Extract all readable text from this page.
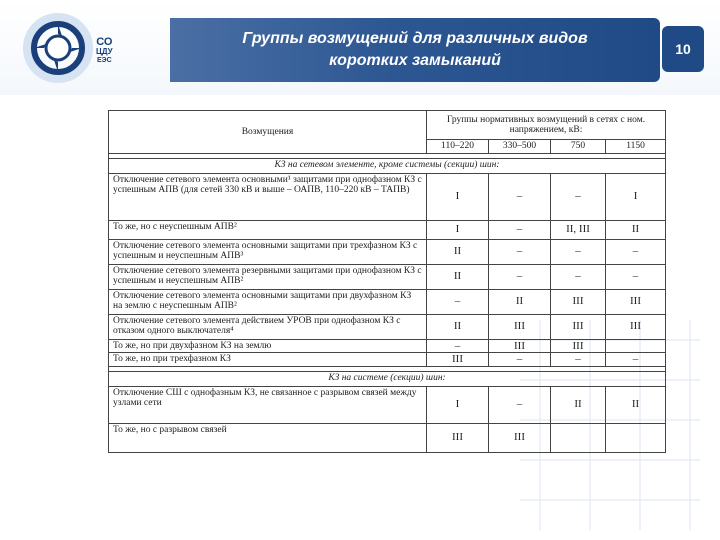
СО
ЦДУ
ЕЭС
Группы возмущений для различных видов коротких замыканий
10
Возмущения	Группы нормативных возмущений в сетях с ном. напряжением, кВ:			
	110–220	330–500	750	1150

КЗ на сетевом элементе, кроме системы (секции) шин:				
Отключение сетевого элемента основными¹ защитами при однофазном КЗ с успешным АПВ (для сетей 330 кВ и выше – ОАПВ, 110–220 кВ – ТАПВ)	I	–	–	I
То же, но с неуспешным АПВ²	I	–	II, III	II
Отключение сетевого элемента основными защитами при трехфазном КЗ с успешным и неуспешным АПВ³	II	–	–	–
Отключение сетевого элемента резервными защитами при однофазном КЗ с успешным и неуспешным АПВ²	II	–	–	–
Отключение сетевого элемента основными защитами при двухфазном КЗ на землю с неуспешным АПВ²	–	II	III	III
Отключение сетевого элемента действием УРОВ при однофазном КЗ с отказом одного выключателя⁴	II	III	III	III
То же, но при двухфазном КЗ на землю	–	III	III	
То же, но при трехфазном КЗ	III	–	–	–

КЗ на системе (секции) шин:				
Отключение СШ с однофазным КЗ, не связанное с разрывом связей между узлами сети	I	–	II	II
То же, но с разрывом связей	III	III		
